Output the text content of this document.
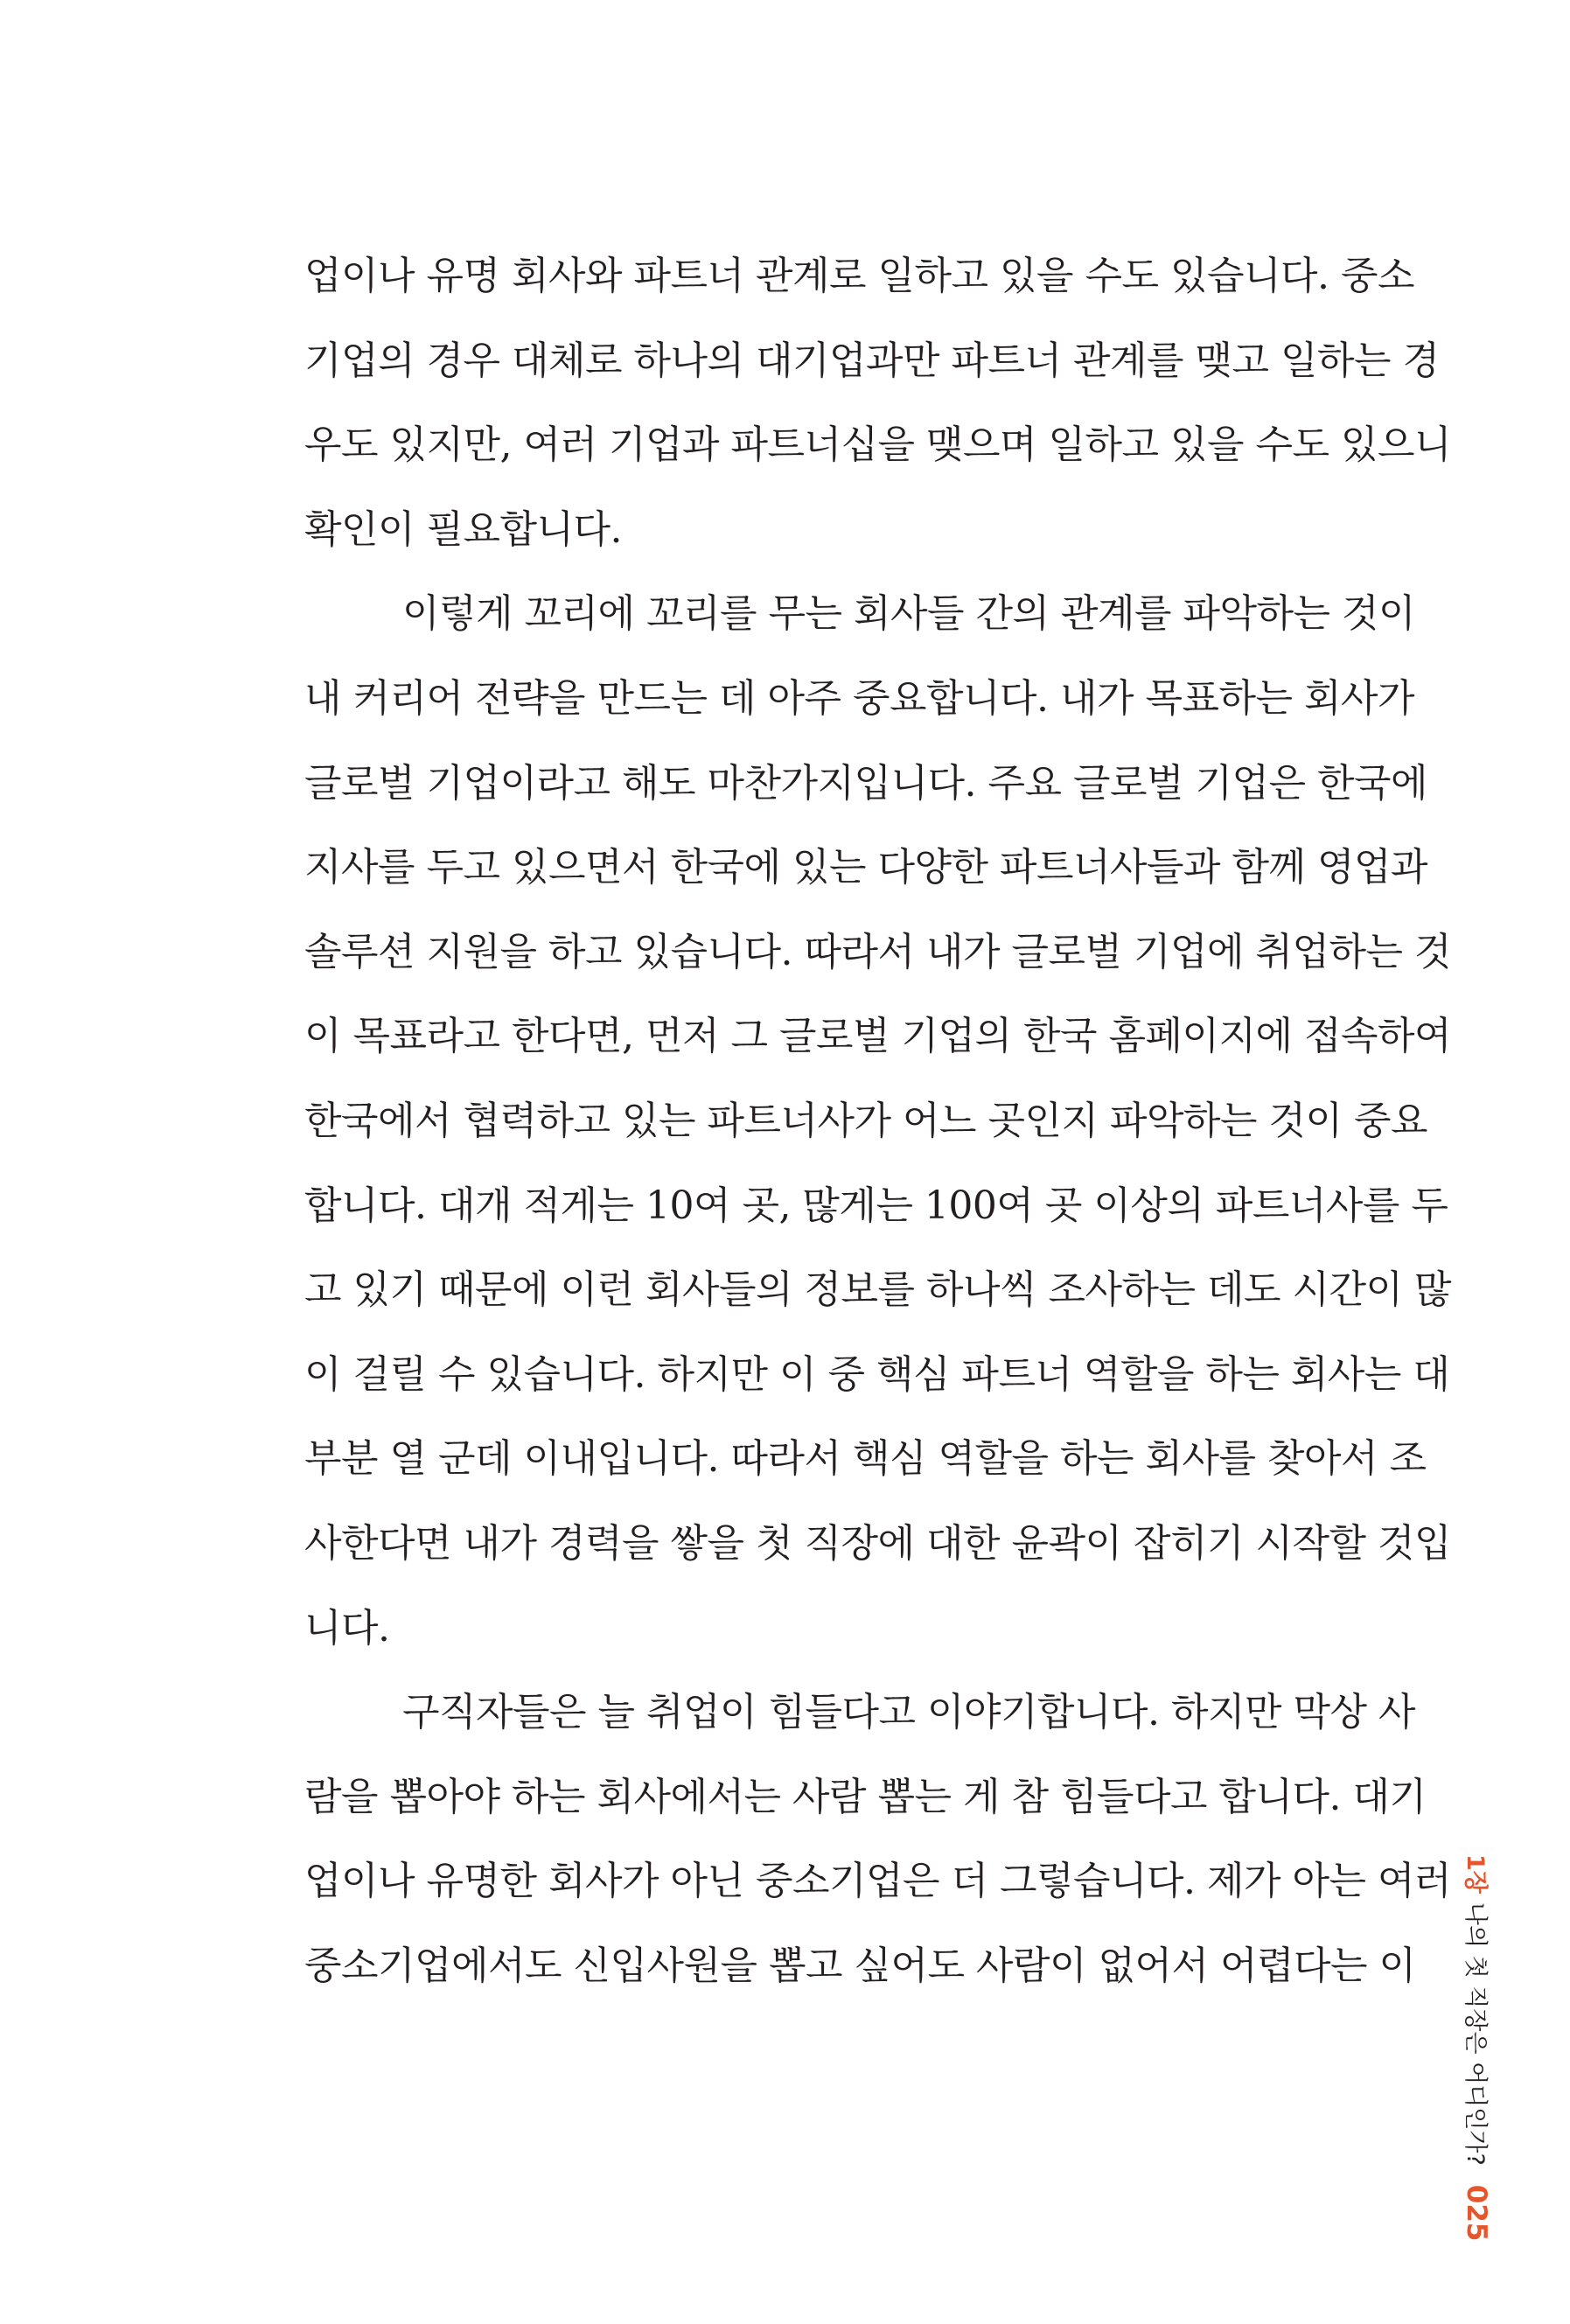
업이나 유명 회사와 파트너 관계로 일하고 있을 수도 있습니다. 중소
기업의 경우 대체로 하나의 대기업과만 파트너 관계를 맺고 일하는 경
우도 있지만, 여러 기업과 파트너십을 맺으며 일하고 있을 수도 있으니
확인이 필요합니다.
이렇게 꼬리에 꼬리를 무는 회사들 간의 관계를 파악하는 것이
내 커리어 전략을 만드는 데 아주 중요합니다. 내가 목표하는 회사가
글로벌 기업이라고 해도 마찬가지입니다. 주요 글로벌 기업은 한국에
지사를 두고 있으면서 한국에 있는 다양한 파트너사들과 함께 영업과
솔루션 지원을 하고 있습니다. 따라서 내가 글로벌 기업에 취업하는 것
이 목표라고 한다면, 먼저 그 글로벌 기업의 한국 홈페이지에 접속하여
한국에서 협력하고 있는 파트너사가 어느 곳인지 파악하는 것이 중요
합니다. 대개 적게는 10여 곳, 많게는 100여 곳 이상의 파트너사를 두
고 있기 때문에 이런 회사들의 정보를 하나씩 조사하는 데도 시간이 많
이 걸릴 수 있습니다. 하지만 이 중 핵심 파트너 역할을 하는 회사는 대
부분 열 군데 이내입니다. 따라서 핵심 역할을 하는 회사를 찾아서 조
사한다면 내가 경력을 쌓을 첫 직장에 대한 윤곽이 잡히기 시작할 것입
니다.
구직자들은 늘 취업이 힘들다고 이야기합니다. 하지만 막상 사
람을 뽑아야 하는 회사에서는 사람 뽑는 게 참 힘들다고 합니다. 대기
업이나 유명한 회사가 아닌 중소기업은 더 그렇습니다. 제가 아는 여러
중소기업에서도 신입사원을 뽑고 싶어도 사람이 없어서 어렵다는 이
1장나의 첫 직장은 어디인가?025
